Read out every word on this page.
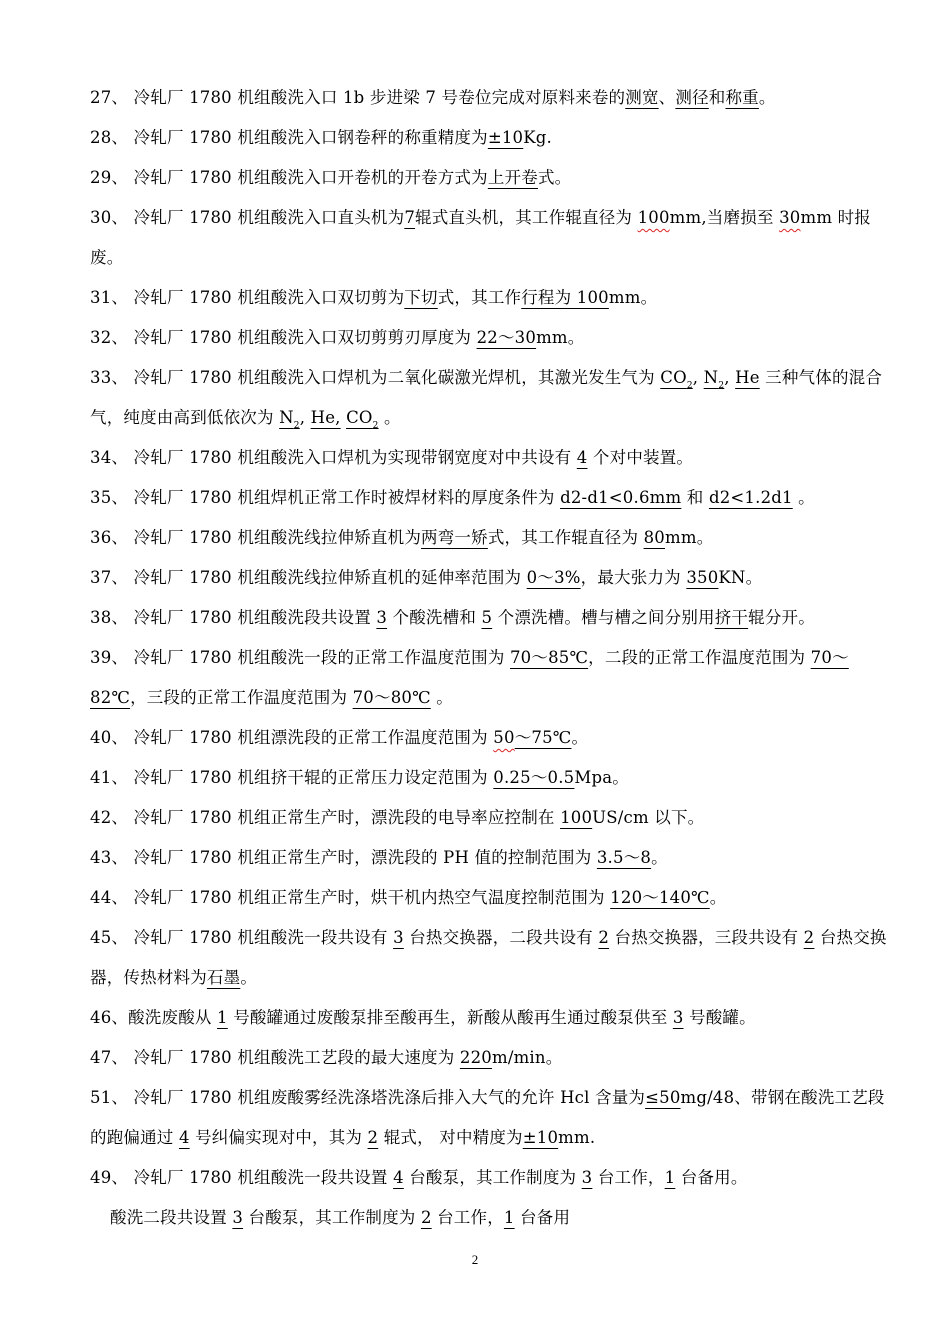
27、 冷轧厂 1780 机组酸洗入口 1b 步进梁 7 号卷位完成对原料来卷的测宽、测径和称重。

28、 冷轧厂 1780 机组酸洗入口钢卷秤的称重精度为±10Kg.

29、 冷轧厂 1780 机组酸洗入口开卷机的开卷方式为上开卷式。

30、 冷轧厂 1780 机组酸洗入口直头机为7辊式直头机，其工作辊直径为 100mm,当磨损至 30mm 时报废。

31、 冷轧厂 1780 机组酸洗入口双切剪为下切式，其工作行程为 100mm。

32、 冷轧厂 1780 机组酸洗入口双切剪剪刃厚度为 22～30mm。

33、 冷轧厂 1780 机组酸洗入口焊机为二氧化碳激光焊机，其激光发生气为 $CO_2$, $N_2$, He 三种气体的混合气，纯度由高到低依次为 $N_2$, He, $CO_2$ 。

34、 冷轧厂 1780 机组酸洗入口焊机为实现带钢宽度对中共设有 4 个对中装置。

35、 冷轧厂 1780 机组焊机正常工作时被焊材料的厚度条件为 d2-d1<0.6mm 和 d2<1.2d1 。

36、 冷轧厂 1780 机组酸洗线拉伸矫直机为两弯一矫式，其工作辊直径为 80mm。

37、 冷轧厂 1780 机组酸洗线拉伸矫直机的延伸率范围为 0～3%，最大张力为 350KN。

38、 冷轧厂 1780 机组酸洗段共设置 3 个酸洗槽和 5 个漂洗槽。槽与槽之间分别用挤干辊分开。

39、 冷轧厂 1780 机组酸洗一段的正常工作温度范围为 70～85℃，二段的正常工作温度范围为 70～82℃，三段的正常工作温度范围为 70～80℃ 。

40、 冷轧厂 1780 机组漂洗段的正常工作温度范围为 50～75℃。

41、 冷轧厂 1780 机组挤干辊的正常压力设定范围为 0.25～0.5Mpa。

42、 冷轧厂 1780 机组正常生产时，漂洗段的电导率应控制在 100US/cm 以下。

43、 冷轧厂 1780 机组正常生产时，漂洗段的 PH 值的控制范围为 3.5～8。

44、 冷轧厂 1780 机组正常生产时，烘干机内热空气温度控制范围为 120～140℃。

45、 冷轧厂 1780 机组酸洗一段共设有 3 台热交换器，二段共设有 2 台热交换器，三段共设有 2 台热交换器，传热材料为石墨。

46、酸洗废酸从 1 号酸罐通过废酸泵排至酸再生，新酸从酸再生通过酸泵供至 3 号酸罐。

47、 冷轧厂 1780 机组酸洗工艺段的最大速度为 220m/min。

51、 冷轧厂 1780 机组废酸雾经洗涤塔洗涤后排入大气的允许 Hcl 含量为≤50mg/48、带钢在酸洗工艺段的跑偏通过 4 号纠偏实现对中，其为 2 辊式， 对中精度为±10mm.

49、 冷轧厂 1780 机组酸洗一段共设置 4 台酸泵，其工作制度为 3 台工作，1 台备用。

酸洗二段共设置 3 台酸泵，其工作制度为 2 台工作，1 台备用

2
